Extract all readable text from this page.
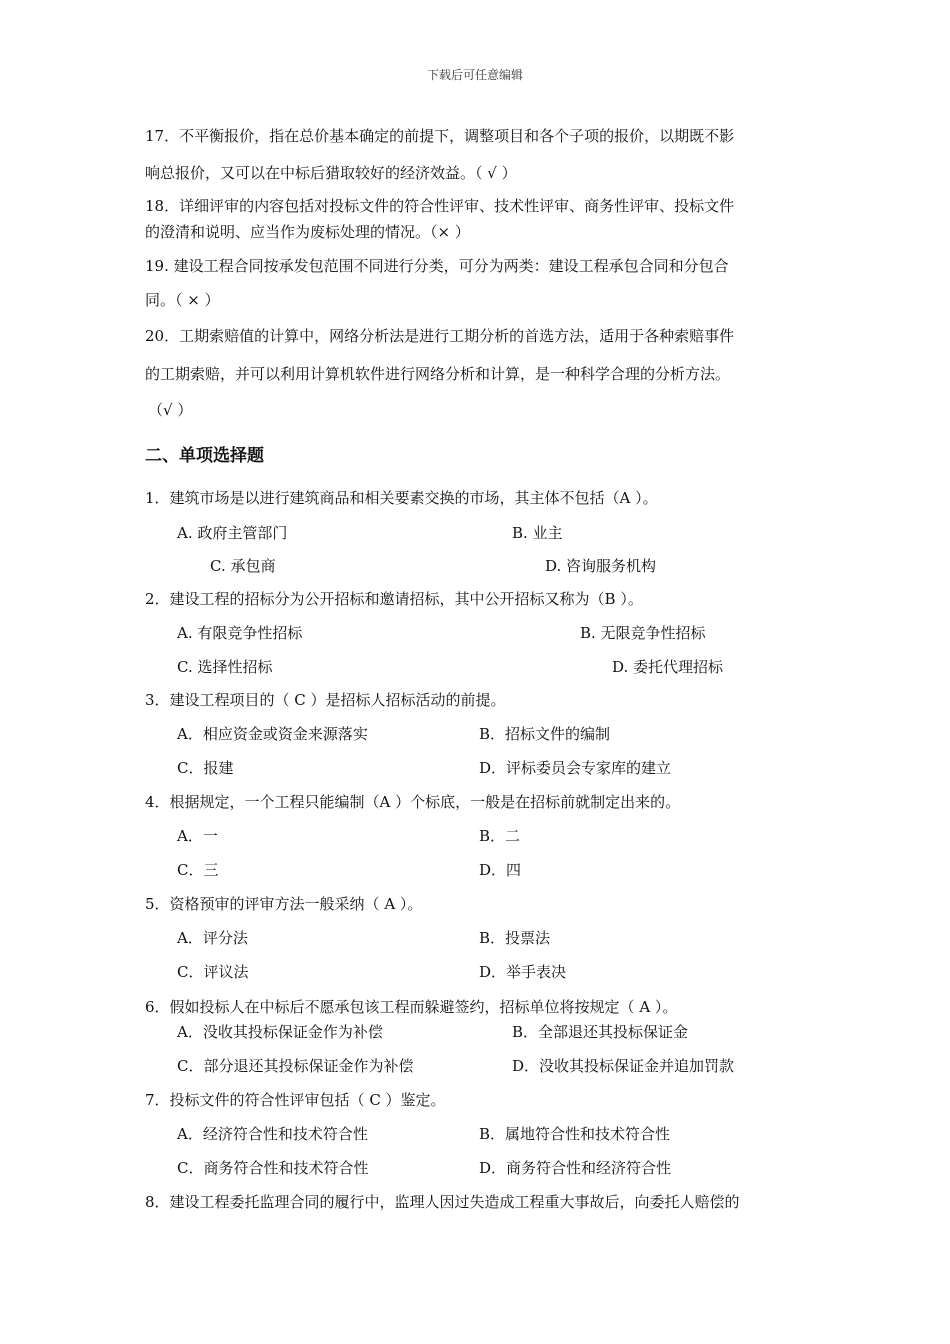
下载后可任意编辑
17．不平衡报价，指在总价基本确定的前提下，调整项目和各个子项的报价，以期既不影
响总报价，又可以在中标后猎取较好的经济效益。（ √ ）
18．详细评审的内容包括对投标文件的符合性评审、技术性评审、商务性评审、投标文件
的澄清和说明、应当作为废标处理的情况。（× ）
19. 建设工程合同按承发包范围不同进行分类，可分为两类：建设工程承包合同和分包合
同。（ × ）
20．工期索赔值的计算中，网络分析法是进行工期分析的首选方法，适用于各种索赔事件
的工期索赔，并可以利用计算机软件进行网络分析和计算，是一种科学合理的分析方法。
（√ ）
二、单项选择题
1．建筑市场是以进行建筑商品和相关要素交换的市场，其主体不包括（A ）。
A. 政府主管部门	B. 业主
C. 承包商	D. 咨询服务机构
2．建设工程的招标分为公开招标和邀请招标，其中公开招标又称为（B ）。
A. 有限竞争性招标	B. 无限竞争性招标
C. 选择性招标	D. 委托代理招标
3．建设工程项目的（ C ）是招标人招标活动的前提。
A．相应资金或资金来源落实	B．招标文件的编制
C．报建	D．评标委员会专家库的建立
4．根据规定，一个工程只能编制（A ）个标底，一般是在招标前就制定出来的。
A．一	B．二
C．三	D．四
5．资格预审的评审方法一般采纳（ A ）。
A．评分法	B．投票法
C．评议法	D．举手表决
6．假如投标人在中标后不愿承包该工程而躲避签约，招标单位将按规定（ A ）。
A．没收其投标保证金作为补偿	B．全部退还其投标保证金
C．部分退还其投标保证金作为补偿	D．没收其投标保证金并追加罚款
7．投标文件的符合性评审包括（ C ）鉴定。
A．经济符合性和技术符合性	B．属地符合性和技术符合性
C．商务符合性和技术符合性	D．商务符合性和经济符合性
8．建设工程委托监理合同的履行中，监理人因过失造成工程重大事故后，向委托人赔偿的
